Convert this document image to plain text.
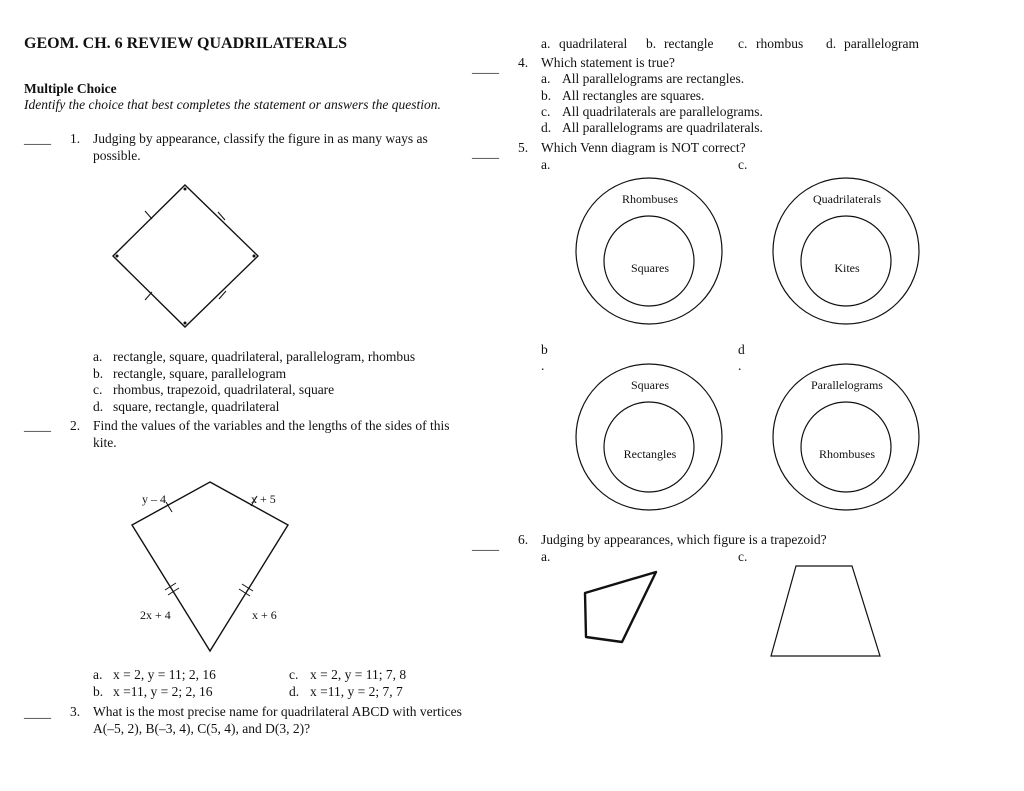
GEOM. CH. 6 REVIEW QUADRILATERALS
Multiple Choice
Identify the choice that best completes the statement or answers the question.
____ 1. Judging by appearance, classify the figure in as many ways as
possible.
a. rectangle, square, quadrilateral, parallelogram, rhombus
b. rectangle, square, parallelogram
c. rhombus, trapezoid, quadrilateral, square
d. square, rectangle, quadrilateral
____ 2. Find the values of the variables and the lengths of the sides of this
kite.
y – 4	x + 5
2x + 4	x + 6
a. x = 2, y = 11; 2, 16	c. x = 2, y = 11; 7, 8
b. x =11, y = 2; 2, 16	d. x =11, y = 2; 7, 7
____ 3. What is the most precise name for quadrilateral ABCD with vertices
A(–5, 2), B(–3, 4), C(5, 4), and D(3, 2)?
a. quadrilateral b. rectangle c. rhombus d. parallelogram
____ 4. Which statement is true?
a. All parallelograms are rectangles.
b. All rectangles are squares.
c. All quadrilaterals are parallelograms.
d. All parallelograms are quadrilaterals.
____ 5. Which Venn diagram is NOT correct?
a.	c.
b
.
d
.
Rhombuses
Squares
Quadrilaterals
Kites
Squares
Rectangles
Parallelograms
Rhombuses
____ 6. Judging by appearances, which figure is a trapezoid?
a.	c.
